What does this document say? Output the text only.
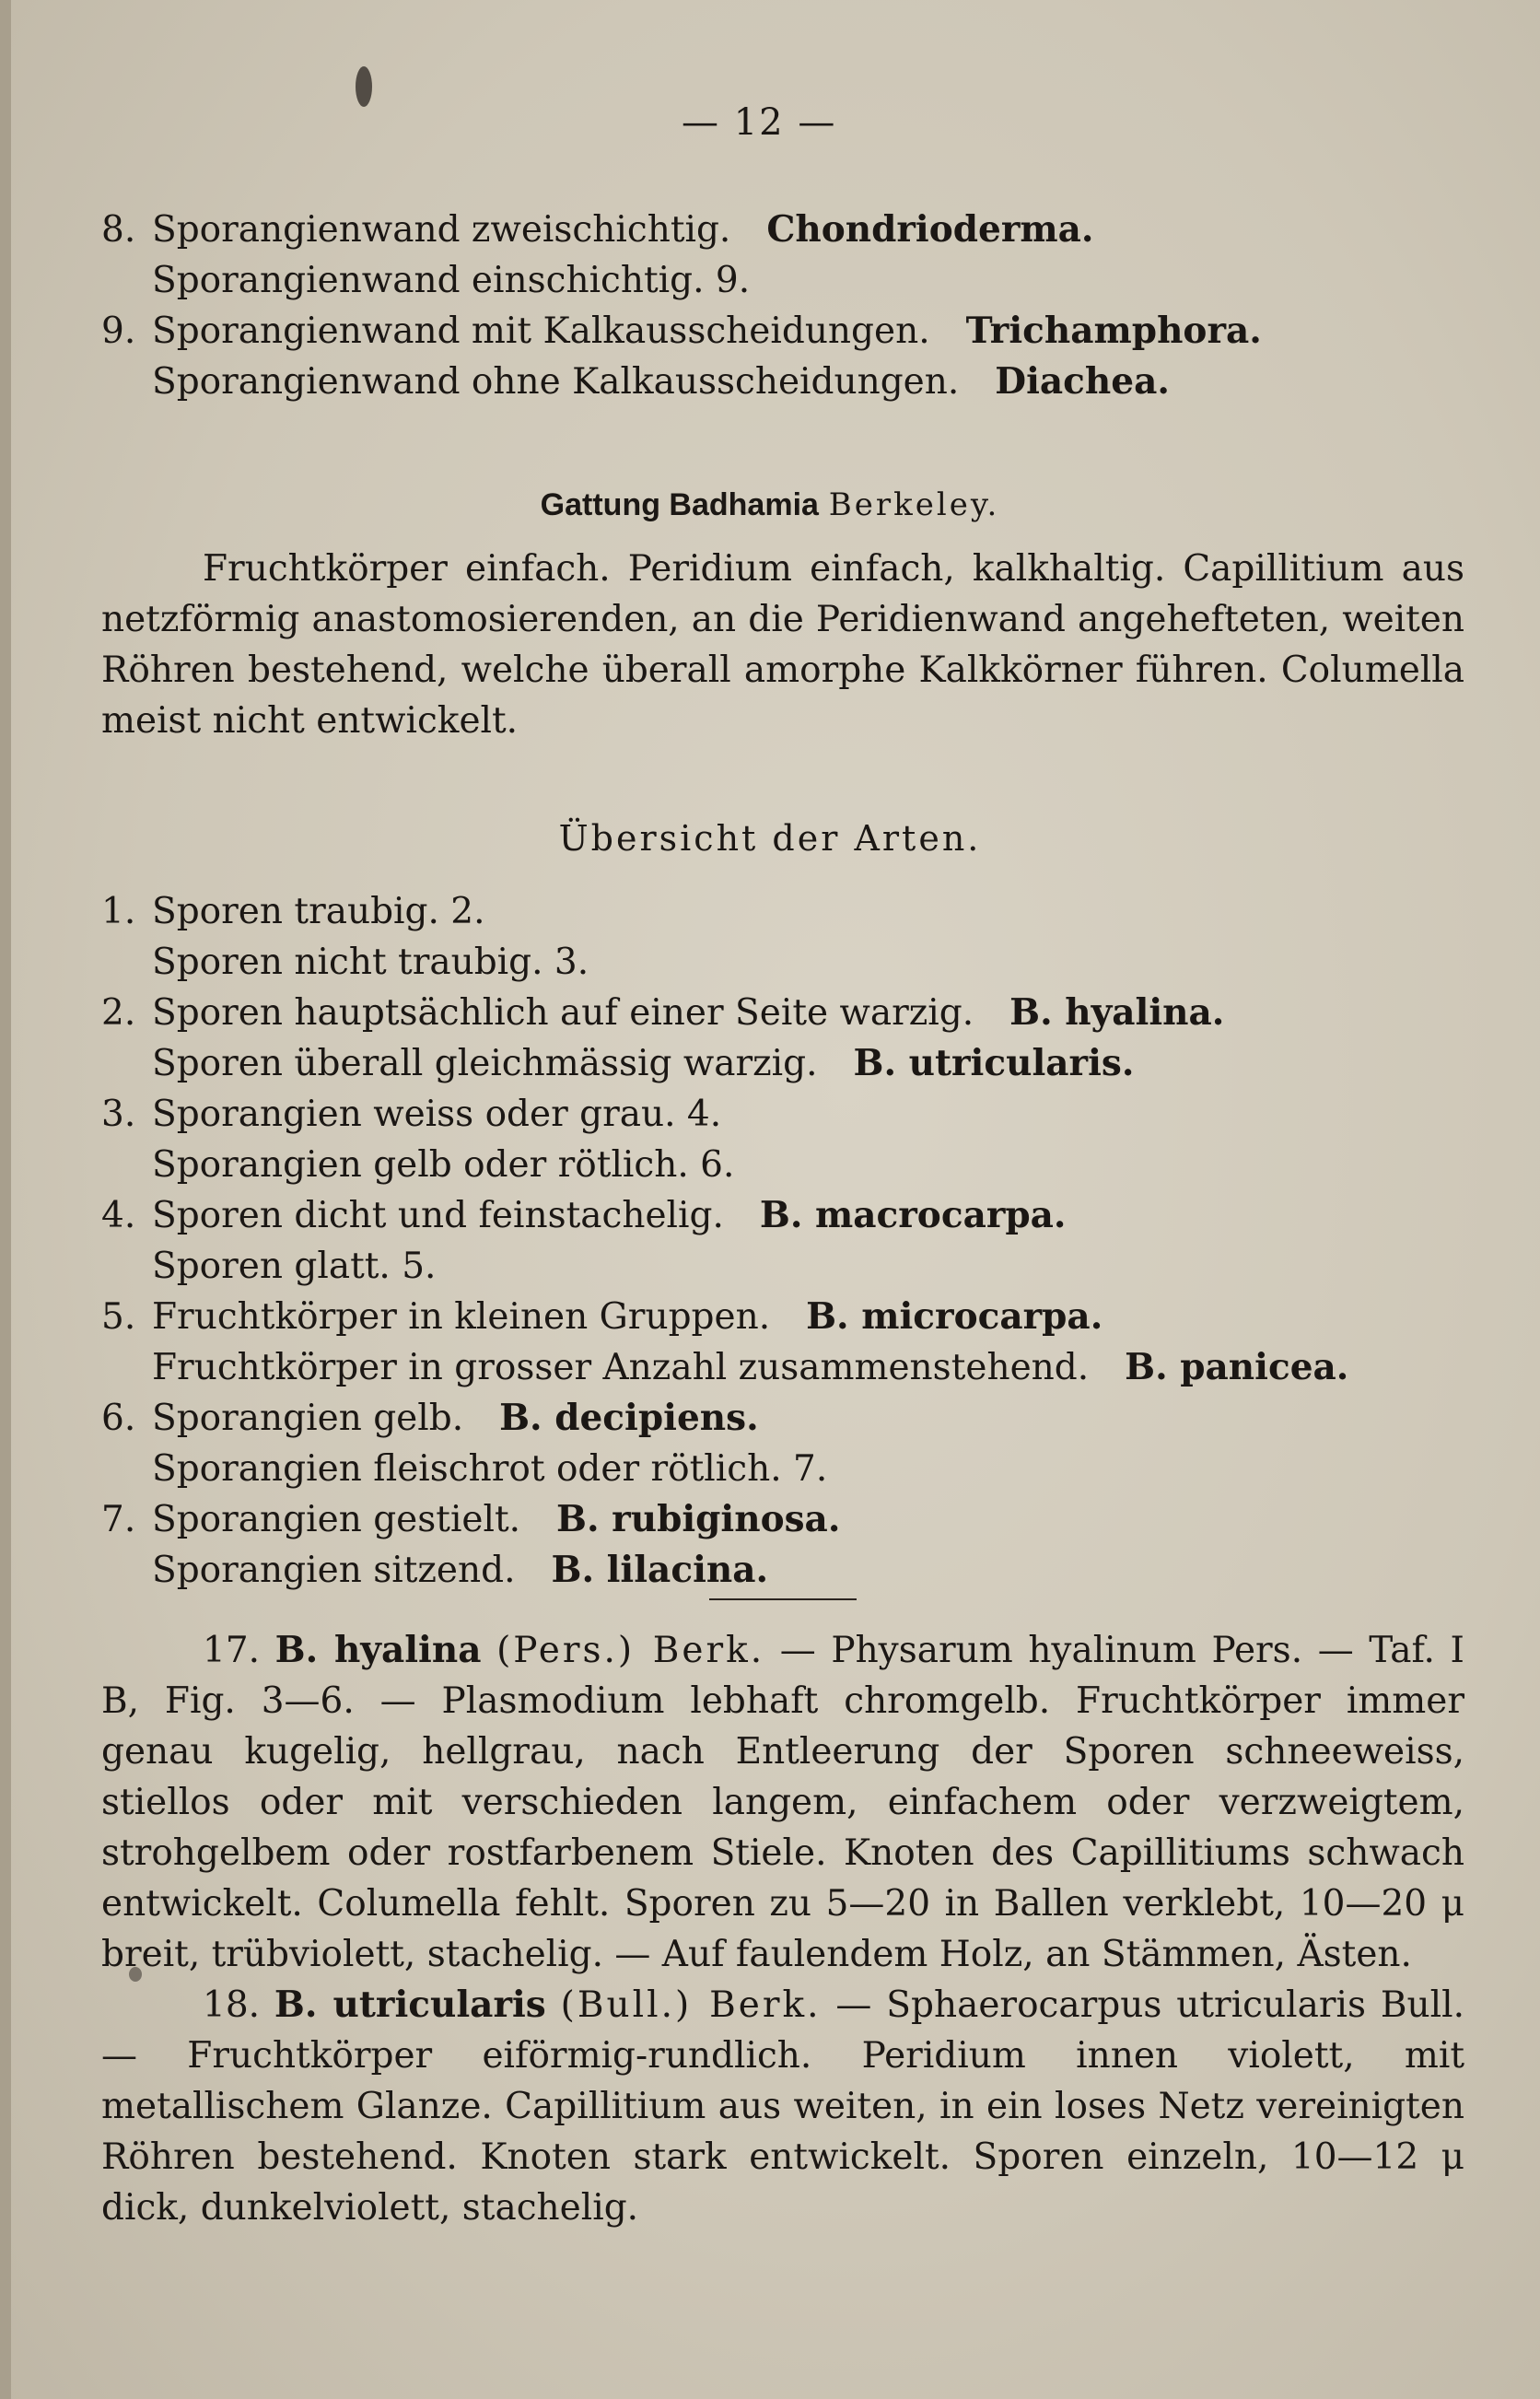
— 12 —
8. Sporangienwand zweischichtig.  Chondrioderma.
Sporangienwand einschichtig. 9.
9. Sporangienwand mit Kalkausscheidungen.  Trichamphora.
Sporangienwand ohne Kalkausscheidungen.  Diachea.
Gattung Badhamia Berkeley.

Fruchtkörper einfach. Peridium einfach, kalkhaltig. Capillitium aus netzförmig anastomosierenden, an die Peridienwand angehefteten, weiten Röhren bestehend, welche überall amorphe Kalkkörner führen. Columella meist nicht entwickelt.

Übersicht der Arten.
1. Sporen traubig. 2.
Sporen nicht traubig. 3.
2. Sporen hauptsächlich auf einer Seite warzig.  B. hyalina.
Sporen überall gleichmässig warzig.  B. utricularis.
3. Sporangien weiss oder grau. 4.
Sporangien gelb oder rötlich. 6.
4. Sporen dicht und feinstachelig.  B. macrocarpa.
Sporen glatt. 5.
5. Fruchtkörper in kleinen Gruppen.  B. microcarpa.
Fruchtkörper in grosser Anzahl zusammenstehend.  B. panicea.
6. Sporangien gelb.  B. decipiens.
Sporangien fleischrot oder rötlich. 7.
7. Sporangien gestielt.  B. rubiginosa.
Sporangien sitzend.  B. lilacina.

17. B. hyalina (Pers.) Berk. — Physarum hyalinum Pers. — Taf. I B, Fig. 3—6. — Plasmodium lebhaft chromgelb. Fruchtkörper immer genau kugelig, hellgrau, nach Entleerung der Sporen schneeweiss, stiellos oder mit verschieden langem, einfachem oder verzweigtem, strohgelbem oder rostfarbenem Stiele. Knoten des Capillitiums schwach entwickelt. Columella fehlt. Sporen zu 5—20 in Ballen verklebt, 10—20 μ breit, trübviolett, stachelig. — Auf faulendem Holz, an Stämmen, Ästen.

18. B. utricularis (Bull.) Berk. — Sphaerocarpus utricularis Bull. — Fruchtkörper eiförmig-rundlich. Peridium innen violett, mit metallischem Glanze. Capillitium aus weiten, in ein loses Netz vereinigten Röhren bestehend. Knoten stark entwickelt. Sporen einzeln, 10—12 μ dick, dunkelviolett, stachelig.
